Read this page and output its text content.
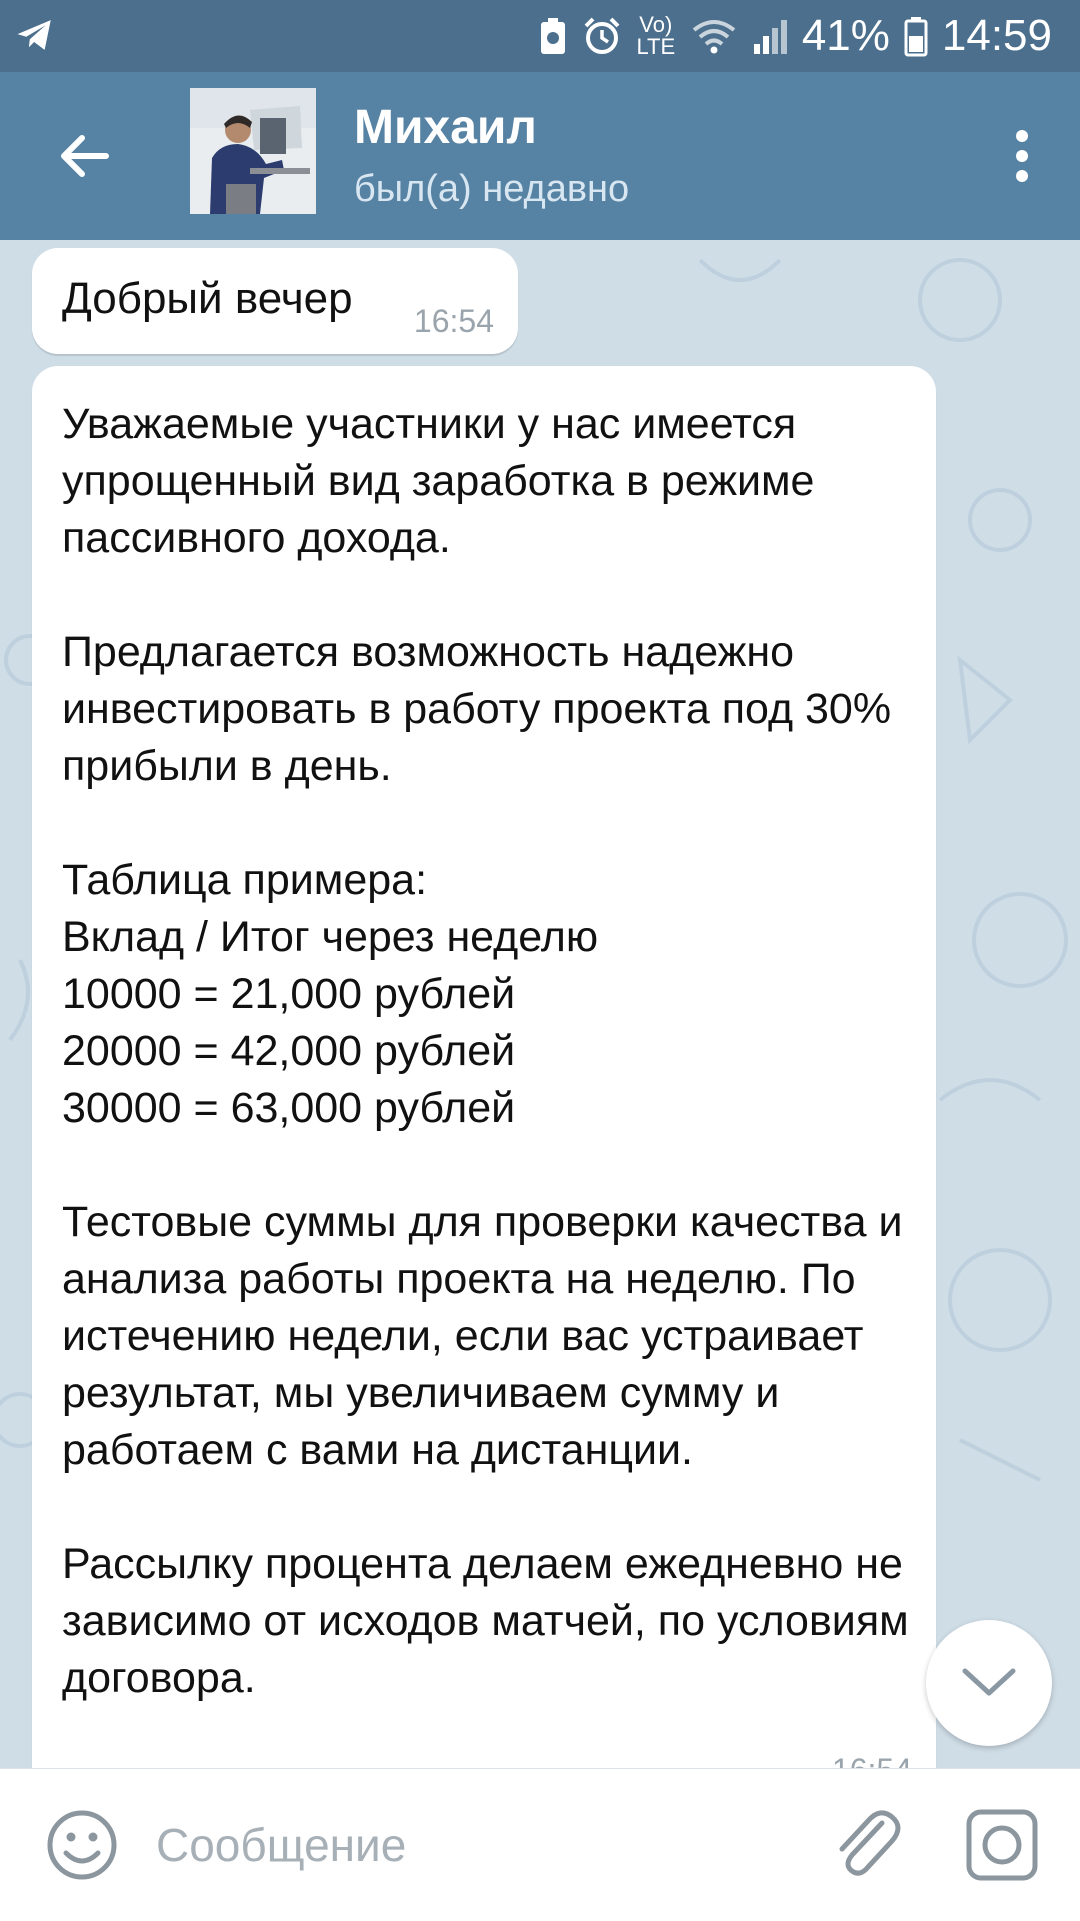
Vo) LTE	41% 14:59
Михаил
был(а) недавно
Добрый вечер 16:54
Уважаемые участники у нас имеется упрощенный вид заработка в режиме пассивного дохода.

Предлагается возможность надежно инвестировать в работу проекта под 30% прибыли в день.

Таблица примера:
Вклад / Итог через неделю
10000 = 21,000 рублей
20000 = 42,000 рублей
30000 = 63,000 рублей

Тестовые суммы для проверки качества и анализа работы проекта на неделю. По истечению недели, если вас устраивает результат, мы увеличиваем сумму и работаем с вами на дистанции.

Рассылку процента делаем ежедневно не зависимо от исходов матчей, по условиям договора.
Сообщение
